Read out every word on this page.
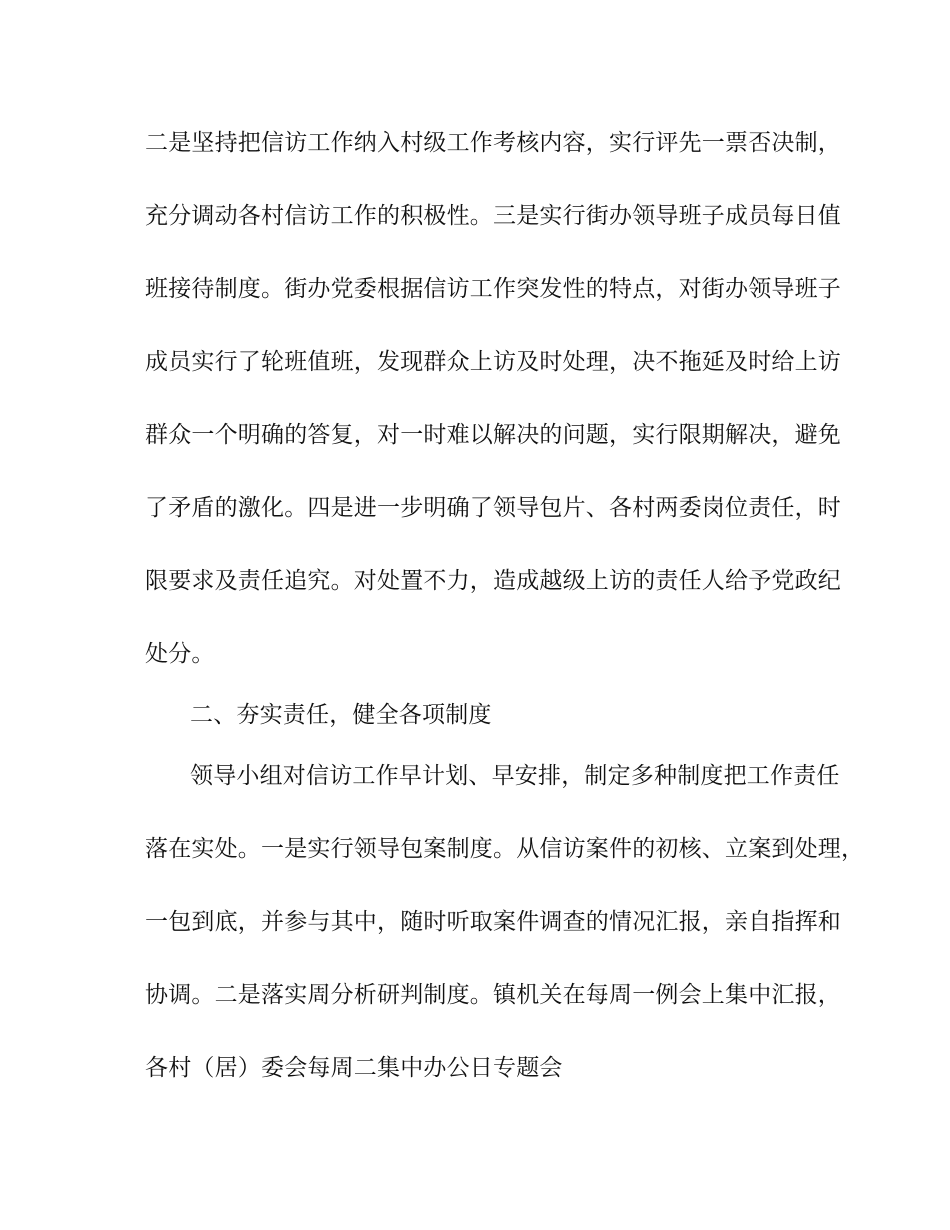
二是坚持把信访工作纳入村级工作考核内容，实行评先一票否决制，
充分调动各村信访工作的积极性。三是实行街办领导班子成员每日值
班接待制度。街办党委根据信访工作突发性的特点，对街办领导班子
成员实行了轮班值班，发现群众上访及时处理，决不拖延及时给上访
群众一个明确的答复，对一时难以解决的问题，实行限期解决，避免
了矛盾的激化。四是进一步明确了领导包片、各村两委岗位责任，时
限要求及责任追究。对处置不力，造成越级上访的责任人给予党政纪
处分。
二、夯实责任，健全各项制度
领导小组对信访工作早计划、早安排，制定多种制度把工作责任
落在实处。一是实行领导包案制度。从信访案件的初核、立案到处理，
一包到底，并参与其中，随时听取案件调查的情况汇报，亲自指挥和
协调。二是落实周分析研判制度。镇机关在每周一例会上集中汇报，
各村（居）委会每周二集中办公日专题会
